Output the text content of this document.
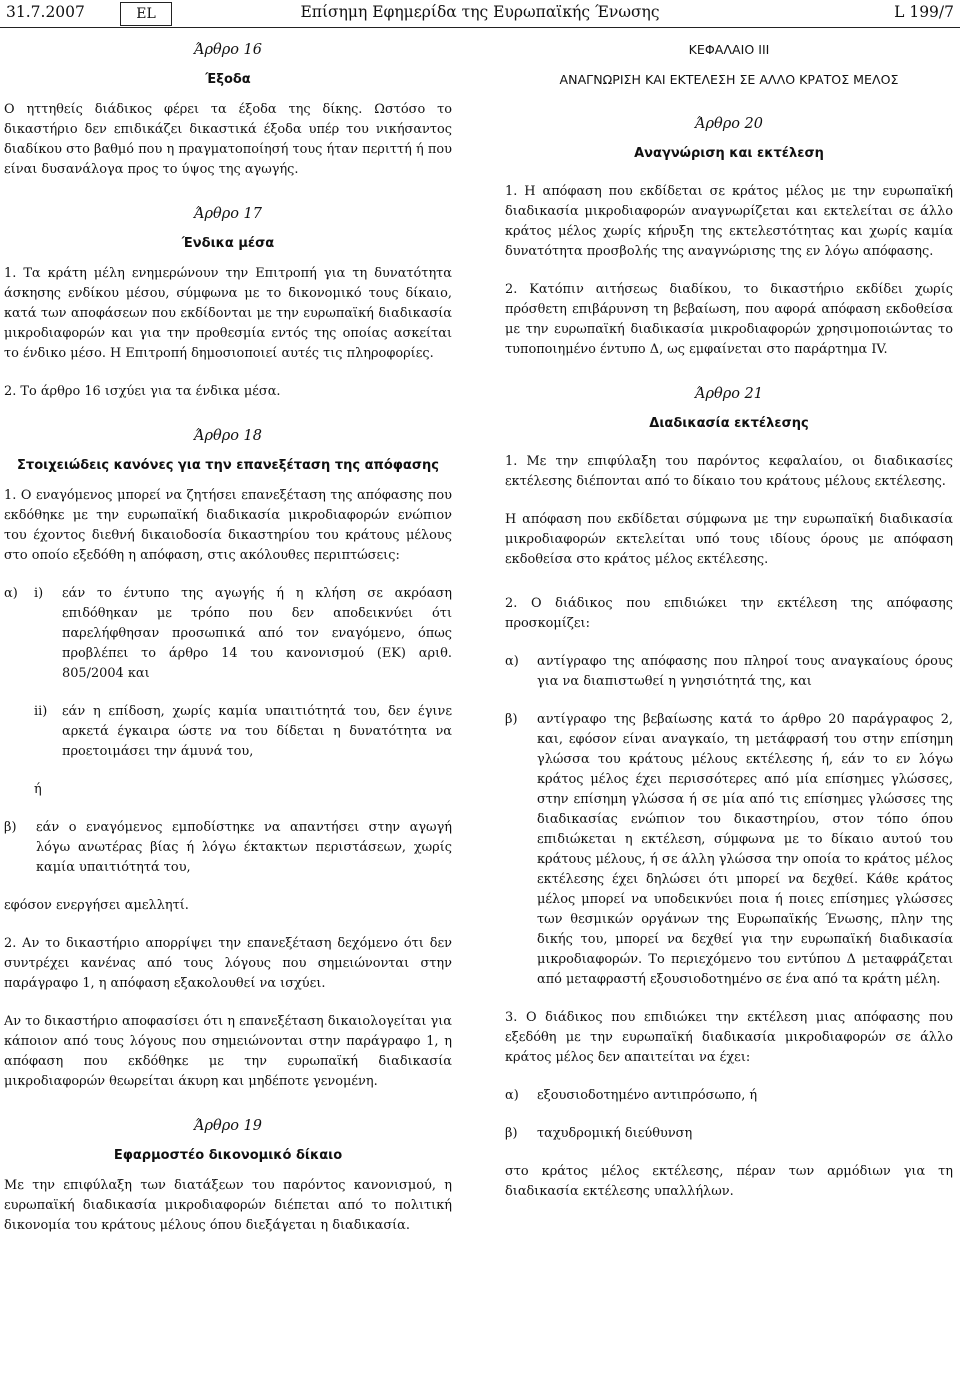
31.7.2007	EL	Επίσημη Εφημερίδα της Ευρωπαϊκής Ένωσης	L 199/7
Άρθρο 16
Έξοδα

Ο ηττηθείς διάδικος φέρει τα έξοδα της δίκης. Ωστόσο το δικαστήριο δεν επιδικάζει δικαστικά έξοδα υπέρ του νικήσαντος διαδίκου στο βαθμό που η πραγματοποίησή τους ήταν περιττή ή που είναι δυσανάλογα προς το ύψος της αγωγής.

Άρθρο 17
Ένδικα μέσα

1. Τα κράτη μέλη ενημερώνουν την Επιτροπή για τη δυνατότητα άσκησης ενδίκου μέσου, σύμφωνα με το δικονομικό τους δίκαιο, κατά των αποφάσεων που εκδίδονται με την ευρωπαϊκή διαδικασία μικροδιαφορών και για την προθεσμία εντός της οποίας ασκείται το ένδικο μέσο. Η Επιτροπή δημοσιοποιεί αυτές τις πληροφορίες.

2. Το άρθρο 16 ισχύει για τα ένδικα μέσα.

Άρθρο 18
Στοιχειώδεις κανόνες για την επανεξέταση της απόφασης

1. Ο εναγόμενος μπορεί να ζητήσει επανεξέταση της απόφασης που εκδόθηκε με την ευρωπαϊκή διαδικασία μικροδιαφορών ενώπιον του έχοντος διεθνή δικαιοδοσία δικαστηρίου του κράτους μέλους στο οποίο εξεδόθη η απόφαση, στις ακόλουθες περιπτώσεις:

α) i) εάν το έντυπο της αγωγής ή η κλήση σε ακρόαση επιδόθηκαν με τρόπο που δεν αποδεικνύει ότι παρελήφθησαν προσωπικά από τον εναγόμενο, όπως προβλέπει το άρθρο 14 του κανονισμού (ΕΚ) αριθ. 805/2004 και
ii) εάν η επίδοση, χωρίς καμία υπαιτιότητά του, δεν έγινε αρκετά έγκαιρα ώστε να του δίδεται η δυνατότητα να προετοιμάσει την άμυνά του,
ή

β) εάν ο εναγόμενος εμποδίστηκε να απαντήσει στην αγωγή λόγω ανωτέρας βίας ή λόγω έκτακτων περιστάσεων, χωρίς καμία υπαιτιότητά του,

εφόσον ενεργήσει αμελλητί.

2. Αν το δικαστήριο απορρίψει την επανεξέταση δεχόμενο ότι δεν συντρέχει κανένας από τους λόγους που σημειώνονται στην παράγραφο 1, η απόφαση εξακολουθεί να ισχύει.

Αν το δικαστήριο αποφασίσει ότι η επανεξέταση δικαιολογείται για κάποιον από τους λόγους που σημειώνονται στην παράγραφο 1, η απόφαση που εκδόθηκε με την ευρωπαϊκή διαδικασία μικροδιαφορών θεωρείται άκυρη και μηδέποτε γενομένη.

Άρθρο 19
Εφαρμοστέο δικονομικό δίκαιο

Με την επιφύλαξη των διατάξεων του παρόντος κανονισμού, η ευρωπαϊκή διαδικασία μικροδιαφορών διέπεται από το πολιτική δικονομία του κράτους μέλους όπου διεξάγεται η διαδικασία.

ΚΕΦΑΛΑΙΟ III
ΑΝΑΓΝΩΡΙΣΗ ΚΑΙ ΕΚΤΕΛΕΣΗ ΣΕ ΑΛΛΟ ΚΡΑΤΟΣ ΜΕΛΟΣ
Άρθρο 20
Αναγνώριση και εκτέλεση

1. Η απόφαση που εκδίδεται σε κράτος μέλος με την ευρωπαϊκή διαδικασία μικροδιαφορών αναγνωρίζεται και εκτελείται σε άλλο κράτος μέλος χωρίς κήρυξη της εκτελεστότητας και χωρίς καμία δυνατότητα προσβολής της αναγνώρισης της εν λόγω απόφασης.

2. Κατόπιν αιτήσεως διαδίκου, το δικαστήριο εκδίδει χωρίς πρόσθετη επιβάρυνση τη βεβαίωση, που αφορά απόφαση εκδοθείσα με την ευρωπαϊκή διαδικασία μικροδιαφορών χρησιμοποιώντας το τυποποιημένο έντυπο Δ, ως εμφαίνεται στο παράρτημα IV.

Άρθρο 21
Διαδικασία εκτέλεσης

1. Με την επιφύλαξη του παρόντος κεφαλαίου, οι διαδικασίες εκτέλεσης διέπονται από το δίκαιο του κράτους μέλους εκτέλεσης.

Η απόφαση που εκδίδεται σύμφωνα με την ευρωπαϊκή διαδικασία μικροδιαφορών εκτελείται υπό τους ιδίους όρους με απόφαση εκδοθείσα στο κράτος μέλος εκτέλεσης.

2. Ο διάδικος που επιδιώκει την εκτέλεση της απόφασης προσκομίζει:

α) αντίγραφο της απόφασης που πληροί τους αναγκαίους όρους για να διαπιστωθεί η γνησιότητά της, και
β) αντίγραφο της βεβαίωσης κατά το άρθρο 20 παράγραφος 2, και, εφόσον είναι αναγκαίο, τη μετάφρασή του στην επίσημη γλώσσα του κράτους μέλους εκτέλεσης ή, εάν το εν λόγω κράτος μέλος έχει περισσότερες από μία επίσημες γλώσσες, στην επίσημη γλώσσα ή σε μία από τις επίσημες γλώσσες της διαδικασίας ενώπιον του δικαστηρίου, στον τόπο όπου επιδιώκεται η εκτέλεση, σύμφωνα με το δίκαιο αυτού του κράτους μέλους, ή σε άλλη γλώσσα την οποία το κράτος μέλος εκτέλεσης έχει δηλώσει ότι μπορεί να δεχθεί. Κάθε κράτος μέλος μπορεί να υποδεικνύει ποια ή ποιες επίσημες γλώσσες των θεσμικών οργάνων της Ευρωπαϊκής Ένωσης, πλην της δικής του, μπορεί να δεχθεί για την ευρωπαϊκή διαδικασία μικροδιαφορών. Το περιεχόμενο του εντύπου Δ μεταφράζεται από μεταφραστή εξουσιοδοτημένο σε ένα από τα κράτη μέλη.

3. Ο διάδικος που επιδιώκει την εκτέλεση μιας απόφασης που εξεδόθη με την ευρωπαϊκή διαδικασία μικροδιαφορών σε άλλο κράτος μέλος δεν απαιτείται να έχει:

α) εξουσιοδοτημένο αντιπρόσωπο, ή
β) ταχυδρομική διεύθυνση

στο κράτος μέλος εκτέλεσης, πέραν των αρμόδιων για τη διαδικασία εκτέλεσης υπαλλήλων.
